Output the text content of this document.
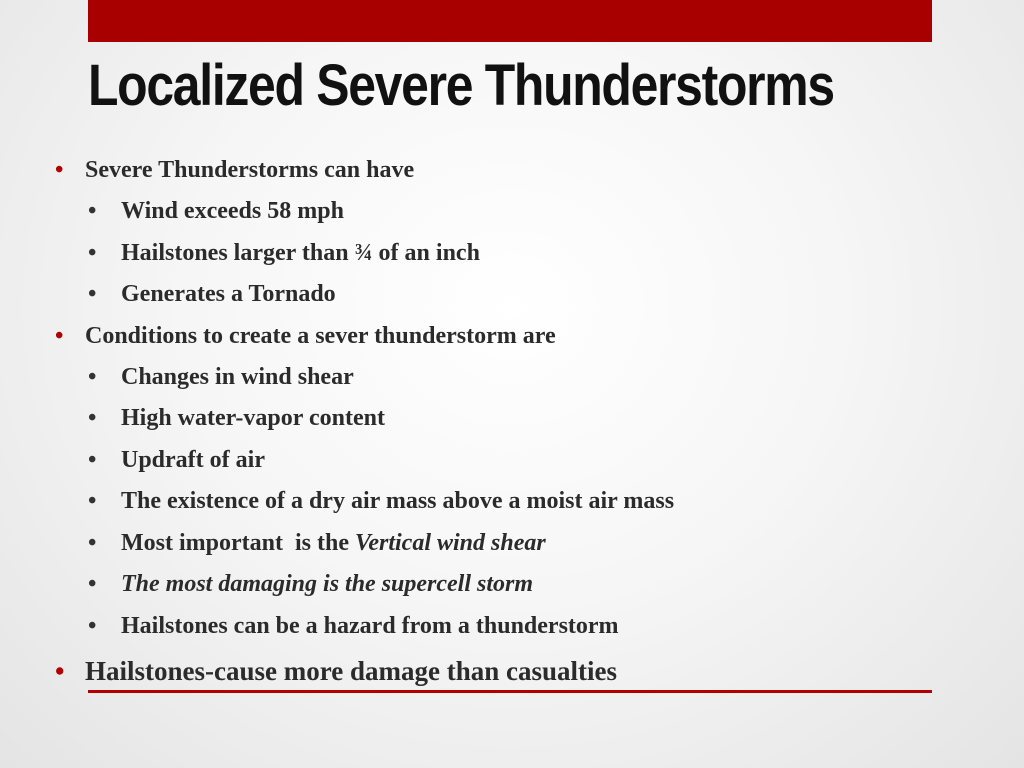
Localized Severe Thunderstorms

• Severe Thunderstorms can have

• Wind exceeds 58 mph

• Hailstones larger than ¾ of an inch

• Generates a Tornado

• Conditions to create a sever thunderstorm are

• Changes in wind shear

• High water-vapor content

• Updraft of air

• The existence of a dry air mass above a moist air mass

• Most important  is the Vertical wind shear

• The most damaging is the supercell storm

• Hailstones can be a hazard from a thunderstorm

• Hailstones-cause more damage than casualties
